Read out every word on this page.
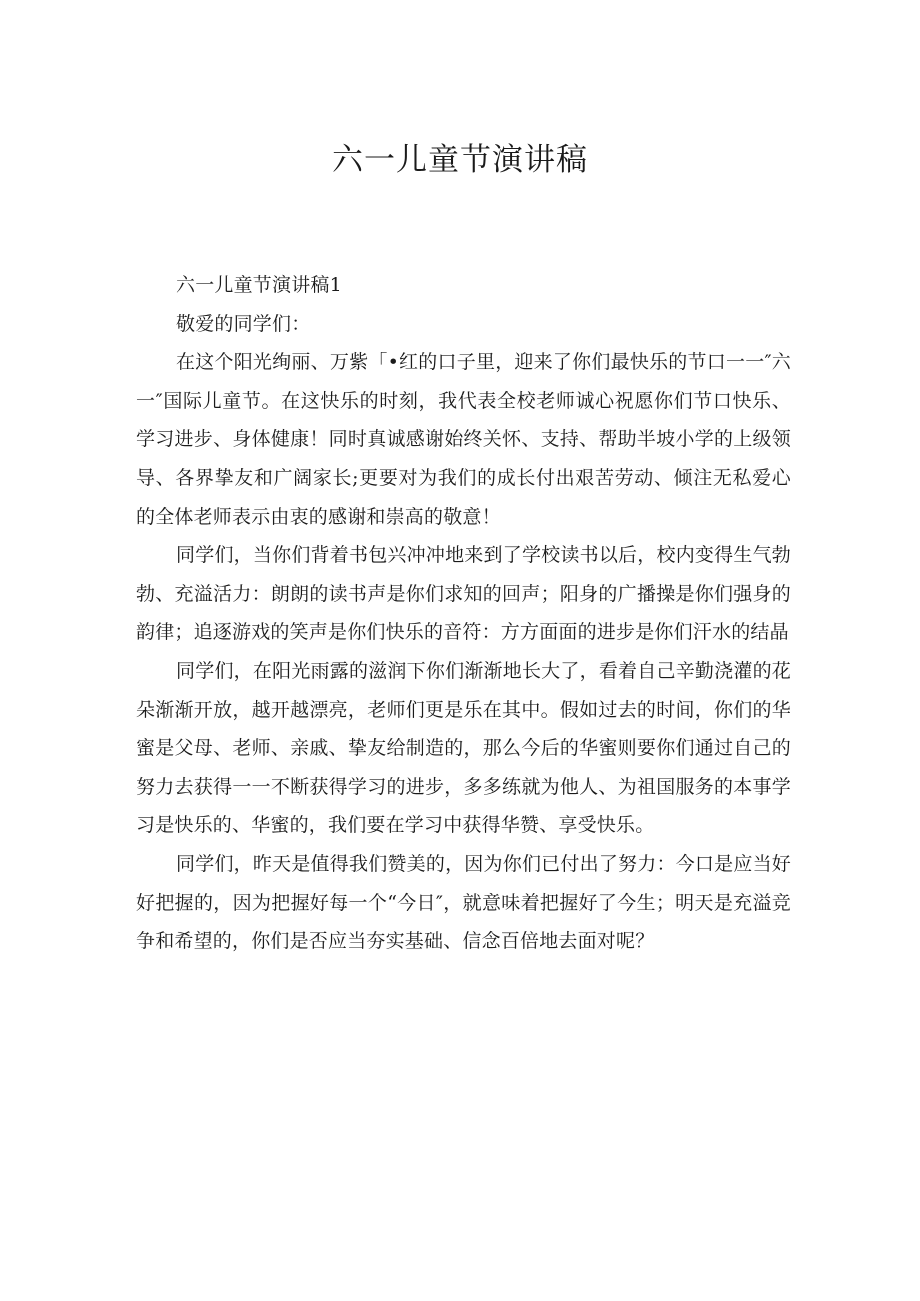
六一儿童节演讲稿

六一儿童节演讲稿1

敬爱的同学们：

在这个阳光绚丽、万紫「•红的口子里，迎来了你们最快乐的节口一一″六一″国际儿童节。在这快乐的时刻，我代表全校老师诚心祝愿你们节口快乐、学习进步、身体健康！同时真诚感谢始终关怀、支持、帮助半坡小学的上级领导、各界挚友和广阔家长;更要对为我们的成长付出艰苦劳动、倾注无私爱心的全体老师表示由衷的感谢和崇高的敬意！

同学们，当你们背着书包兴冲冲地来到了学校读书以后，校内变得生气勃勃、充溢活力：朗朗的读书声是你们求知的回声；阳身的广播操是你们强身的韵律；追逐游戏的笑声是你们快乐的音符：方方面面的进步是你们汗水的结晶

同学们，在阳光雨露的滋润下你们渐渐地长大了，看着自己辛勤浇灌的花朵渐渐开放，越开越漂亮，老师们更是乐在其中。假如过去的时间，你们的华蜜是父母、老师、亲戚、挚友给制造的，那么今后的华蜜则要你们通过自己的努力去获得一一不断获得学习的进步，多多练就为他人、为祖国服务的本事学习是快乐的、华蜜的，我们要在学习中获得华赞、享受快乐。

同学们，昨天是值得我们赞美的，因为你们已付出了努力：今口是应当好好把握的，因为把握好每一个“今日″，就意味着把握好了今生；明天是充溢竞争和希望的，你们是否应当夯实基础、信念百倍地去面对呢？
